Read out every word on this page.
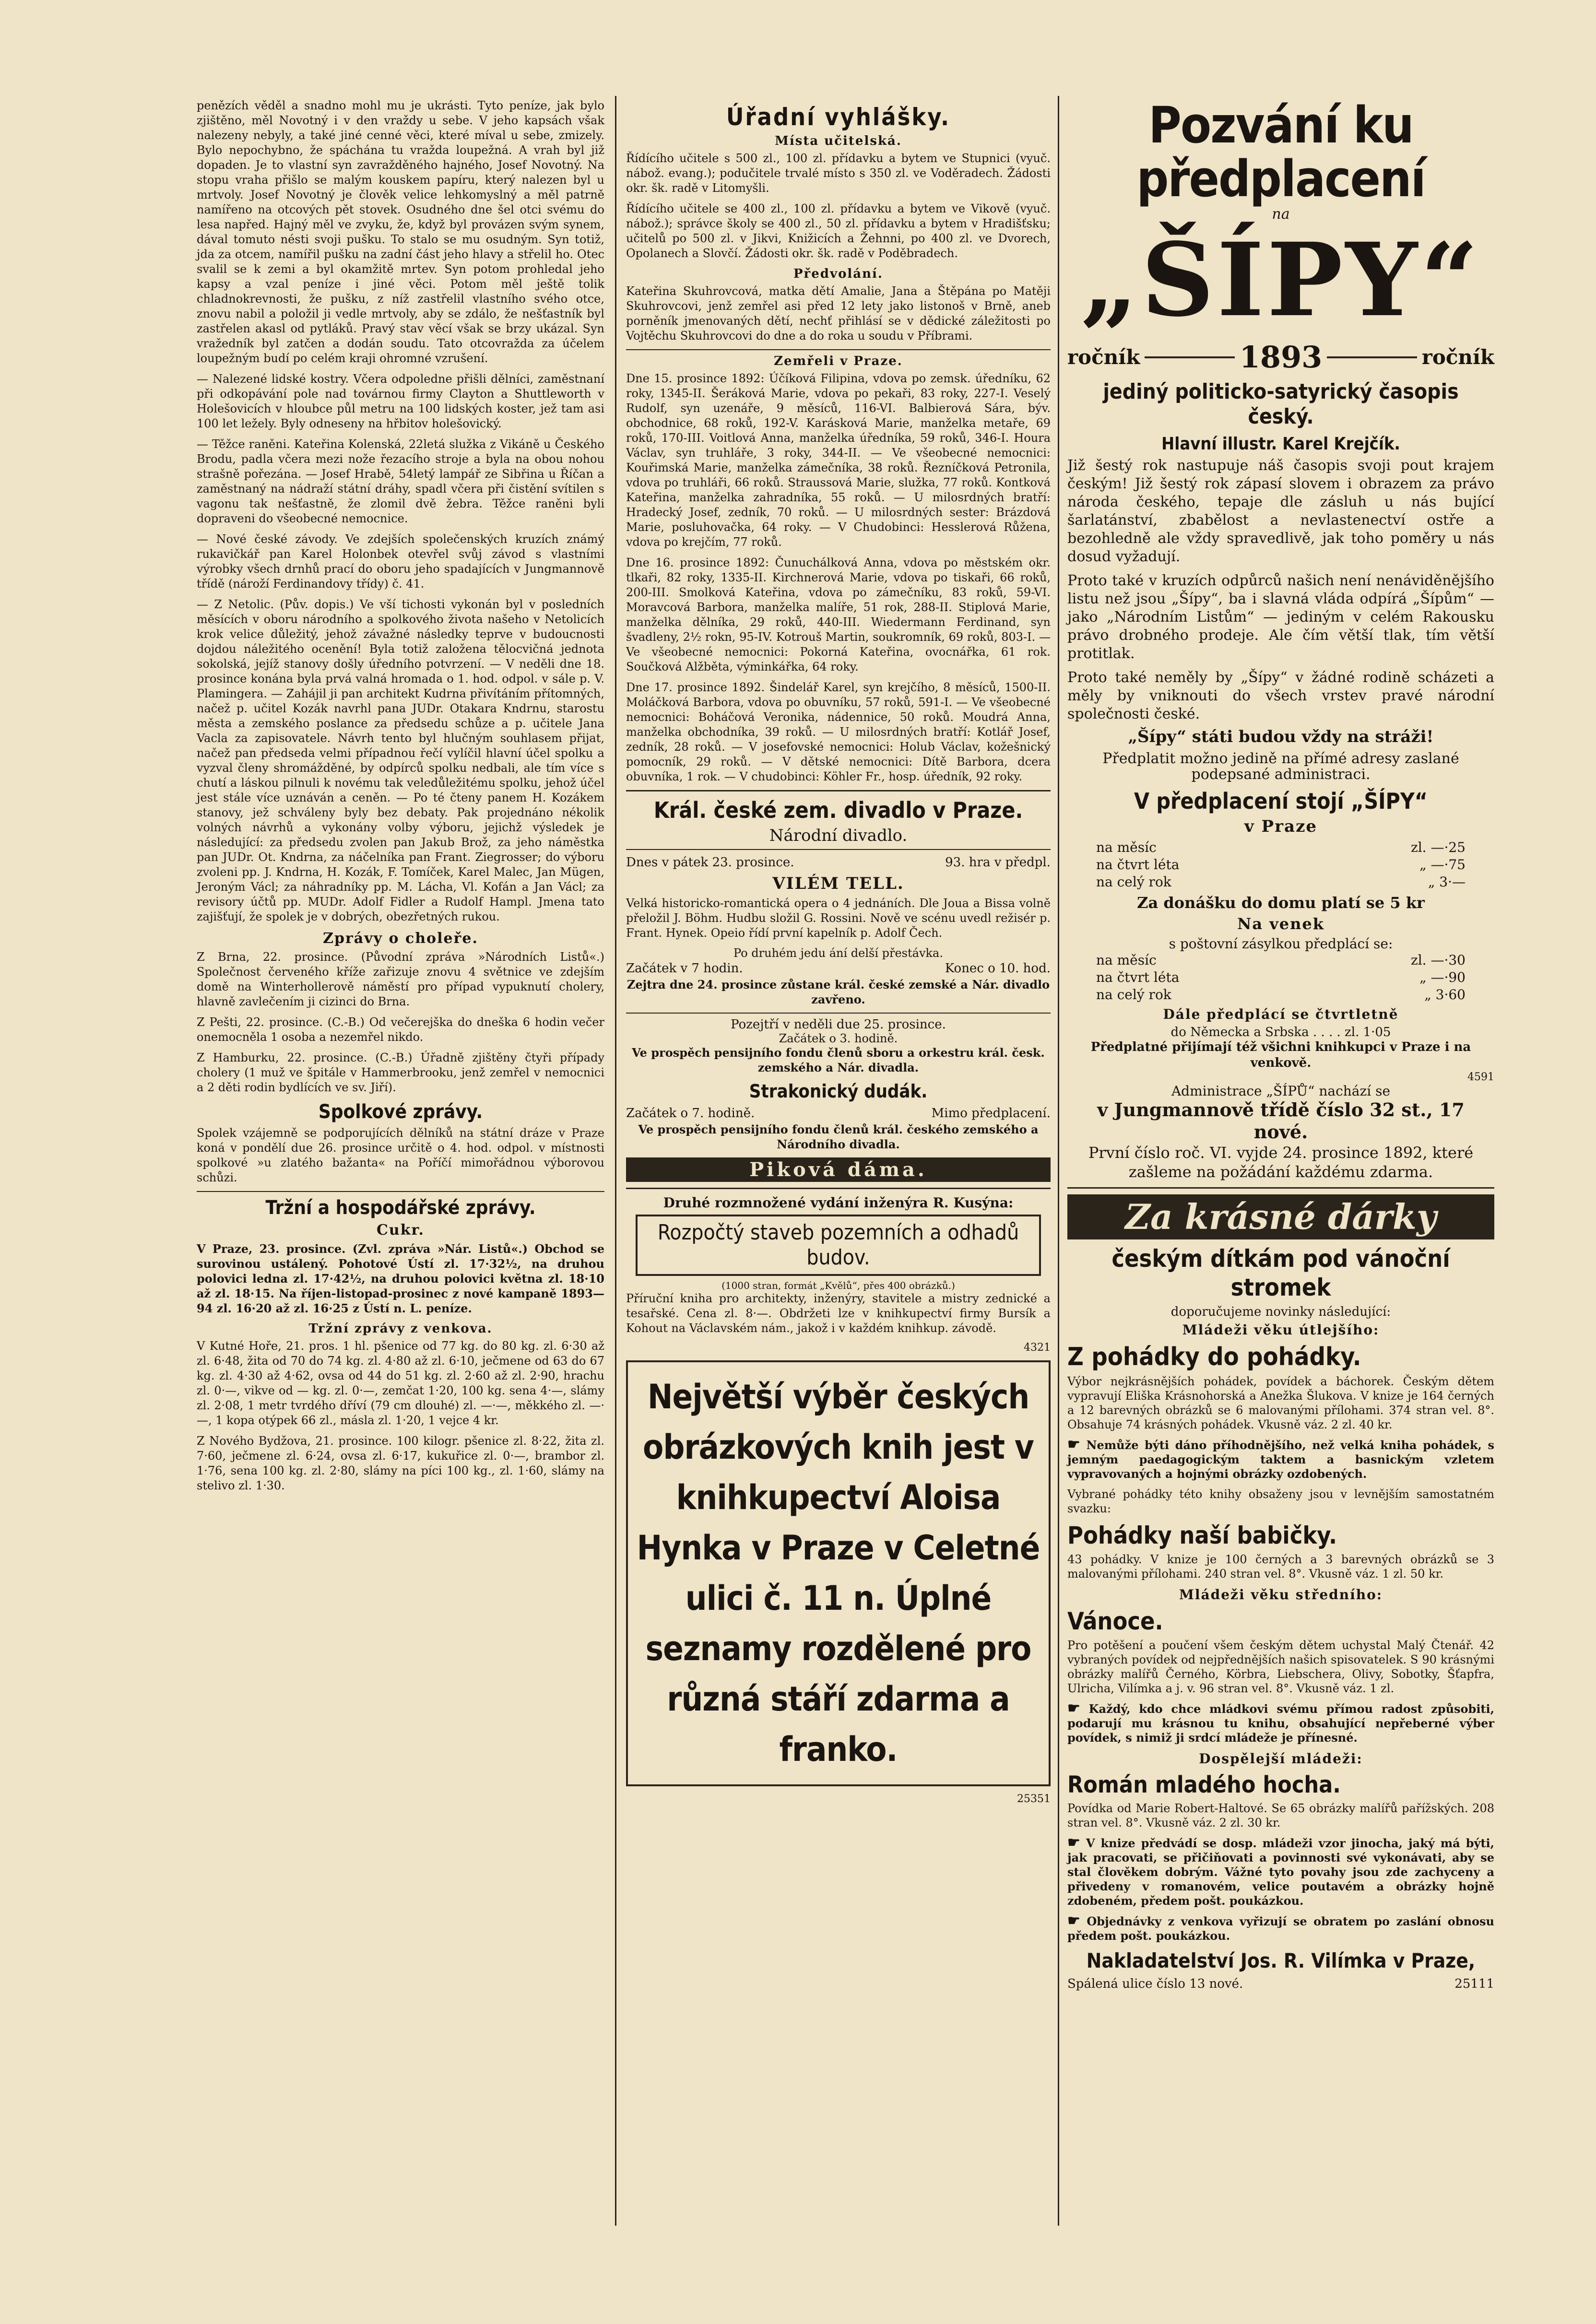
penězích věděl a snadno mohl mu je ukrásti. Tyto peníze, jak bylo zjištěno, měl Novotný i v den vraždy u sebe. V jeho kapsách však nalezeny nebyly, a také jiné cenné věci, které míval u sebe, zmizely. Bylo nepochybno, že spáchána tu vražda loupežná. A vrah byl již dopaden. Je to vlastní syn zavražděného hajného, Josef Novotný. Na stopu vraha přišlo se malým kouskem papíru, který nalezen byl u mrtvoly. Josef Novotný je člověk velice lehkomyslný a měl patrně namířeno na otcových pět stovek. Osudného dne šel otci svému do lesa napřed. Hajný měl ve zvyku, že, když byl provázen svým synem, dával tomuto nésti svoji pušku. To stalo se mu osudným. Syn totiž, jda za otcem, namířil pušku na zadní část jeho hlavy a střelil ho. Otec svalil se k zemi a byl okamžitě mrtev. Syn potom prohledal jeho kapsy a vzal peníze i jiné věci. Potom měl ještě tolik chladnokrevnosti, že pušku, z níž zastřelil vlastního svého otce, znovu nabil a položil ji vedle mrtvoly, aby se zdálo, že nešťastník byl zastřelen akasl od pytláků. Pravý stav věcí však se brzy ukázal. Syn vražedník byl zatčen a dodán soudu. Tato otcovražda za účelem loupežným budí po celém kraji ohromné vzrušení.

— Nalezené lidské kostry. Včera odpoledne přišli dělníci, zaměstnaní při odkopávání pole nad továrnou firmy Clayton a Shuttleworth v Holešovicích v hloubce půl metru na 100 lidských koster, jež tam asi 100 let ležely. Byly odneseny na hřbitov holešovický.

— Těžce raněni. Kateřina Kolenská, 22letá služka z Vikáně u Českého Brodu, padla včera mezi nože řezacího stroje a byla na obou nohou strašně pořezána. — Josef Hrabě, 54letý lampář ze Sibřina u Říčan a zaměstnaný na nádraží státní dráhy, spadl včera při čistění svítilen s vagonu tak nešťastně, že zlomil dvě žebra. Těžce raněni byli dopraveni do všeobecné nemocnice.

— Nové české závody. Ve zdejších společenských kruzích známý rukavičkář pan Karel Holonbek otevřel svůj závod s vlastními výrobky všech drnhů prací do oboru jeho spadajících v Jungmannově třídě (nároží Ferdinandovy třídy) č. 41.

— Z Netolic. (Pův. dopis.) Ve vší tichosti vykonán byl v posledních měsících v oboru národního a spolkového života našeho v Netolicích krok velice důležitý, jehož závažné následky teprve v budoucnosti dojdou náležitého ocenění! Byla totiž založena tělocvičná jednota sokolská, jejíž stanovy došly úředního potvrzení. — V neděli dne 18. prosince konána byla prvá valná hromada o 1. hod. odpol. v sále p. V. Plamingera. — Zahájil ji pan architekt Kudrna přivítáním přítomných, načež p. učitel Kozák navrhl pana JUDr. Otakara Kndrnu, starostu města a zemského poslance za předsedu schůze a p. učitele Jana Vacla za zapisovatele. Návrh tento byl hlučným souhlasem přijat, načež pan předseda velmi případnou řečí vylíčil hlavní účel spolku a vyzval členy shromážděné, by odpírců spolku nedbali, ale tím více s chutí a láskou pilnuli k novému tak veledůležitému spolku, jehož účel jest stále více uznáván a ceněn. — Po té čteny panem H. Kozákem stanovy, jež schváleny byly bez debaty. Pak projednáno nékolik volných návrhů a vykonány volby výboru, jejichž výsledek je následující: za předsedu zvolen pan Jakub Brož, za jeho náměstka pan JUDr. Ot. Kndrna, za náčelníka pan Frant. Ziegrosser; do výboru zvoleni pp. J. Kndrna, H. Kozák, F. Tomíček, Karel Malec, Jan Mügen, Jeroným Václ; za náhradníky pp. M. Lácha, Vl. Kofán a Jan Václ; za revisory účtů pp. MUDr. Adolf Fidler a Rudolf Hampl. Jmena tato zajišťují, že spolek je v dobrých, obezřetných rukou.

Zprávy o choleře.

Z Brna, 22. prosince. (Původní zpráva »Národních Listů«.) Společnost červeného kříže zařizuje znovu 4 světnice ve zdejším domě na Winterhollerově náměstí pro případ vypuknutí cholery, hlavně zavlečením ji cizinci do Brna.

Z Pešti, 22. prosince. (C.-B.) Od večerejška do dneška 6 hodin večer onemocněla 1 osoba a nezemřel nikdo.

Z Hamburku, 22. prosince. (C.-B.) Úřadně zjištěny čtyři případy cholery (1 muž ve špitále v Hammerbrooku, jenž zemřel v nemocnici a 2 děti rodin bydlících ve sv. Jiří).

Spolkové zprávy.

Spolek vzájemně se podporujících dělníků na státní dráze v Praze koná v pondělí due 26. prosince určitě o 4. hod. odpol. v místnosti spolkové »u zlatého bažanta« na Poříčí mimořádnou výborovou schůzi.

Tržní a hospodářské zprávy.
Cukr.

V Praze, 23. prosince. (Zvl. zpráva »Nár. Listů«.) Obchod se surovinou ustálený. Pohotové Ústí zl. 17·32½, na druhou polovici ledna zl. 17·42½, na druhou polovici května zl. 18·10 až zl. 18·15. Na říjen-listopad-prosinec z nové kampaně 1893—94 zl. 16·20 až zl. 16·25 z Ústí n. L. peníze.

Tržní zprávy z venkova.

V Kutné Hoře, 21. pros. 1 hl. pšenice od 77 kg. do 80 kg. zl. 6·30 až zl. 6·48, žita od 70 do 74 kg. zl. 4·80 až zl. 6·10, ječmene od 63 do 67 kg. zl. 4·30 až 4·62, ovsa od 44 do 51 kg. zl. 2·60 až zl. 2·90, hrachu zl. 0·—, vikve od — kg. zl. 0·—, zemčat 1·20, 100 kg. sena 4·—, slámy zl. 2·08, 1 metr tvrdého dříví (79 cm dlouhé) zl. —·—, měkkého zl. —·—, 1 kopa otýpek 66 zl., másla zl. 1·20, 1 vejce 4 kr.

Z Nového Bydžova, 21. prosince. 100 kilogr. pšenice zl. 8·22, žita zl. 7·60, ječmene zl. 6·24, ovsa zl. 6·17, kukuřice zl. 0·—, brambor zl. 1·76, sena 100 kg. zl. 2·80, slámy na píci 100 kg., zl. 1·60, slámy na stelivo zl. 1·30.

Úřadní vyhlášky.
Místa učitelská.

Řídícího učitele s 500 zl., 100 zl. přídavku a bytem ve Stupnici (vyuč. nábož. evang.); podučitele trvalé místo s 350 zl. ve Voděradech. Žádosti okr. šk. radě v Litomyšli.

Řídícího učitele se 400 zl., 100 zl. přídavku a bytem ve Vikově (vyuč. nábož.); správce školy se 400 zl., 50 zl. přídavku a bytem v Hradišťsku; učitelů po 500 zl. v Jikvi, Knižicích a Žehnni, po 400 zl. ve Dvorech, Opolanech a Slovčí. Žádosti okr. šk. radě v Poděbradech.

Předvolání.

Kateřina Skuhrovcová, matka dětí Amalie, Jana a Štěpána po Matěji Skuhrovcovi, jenž zemřel asi před 12 lety jako listonoš v Brně, aneb porněník jmenovaných dětí, nechť přihlásí se v dědické záležitosti po Vojtěchu Skuhrovcovi do dne a do roka u soudu v Příbrami.

Zemřeli v Praze.

Dne 15. prosince 1892: Účíková Filipina, vdova po zemsk. úředníku, 62 roky, 1345-II. Šeráková Marie, vdova po pekaři, 83 roky, 227-I. Veselý Rudolf, syn uzenáře, 9 měsíců, 116-VI. Balbierová Sára, býv. obchodnice, 68 roků, 192-V. Karásková Marie, manželka metaře, 69 roků, 170-III. Voitlová Anna, manželka úředníka, 59 roků, 346-I. Houra Václav, syn truhláře, 3 roky, 344-II. — Ve všeobecné nemocnici: Kouřimská Marie, manželka zámečníka, 38 roků. Řezníčková Petronila, vdova po truhláři, 66 roků. Straussová Marie, služka, 77 roků. Kontková Kateřina, manželka zahradníka, 55 roků. — U milosrdných bratří: Hradecký Josef, zedník, 70 roků. — U milosrdných sester: Brázdová Marie, posluhovačka, 64 roky. — V Chudobinci: Hesslerová Růžena, vdova po krejčím, 77 roků.

Dne 16. prosince 1892: Čunuchálková Anna, vdova po městském okr. tlkaři, 82 roky, 1335-II. Kirchnerová Marie, vdova po tiskaři, 66 roků, 200-III. Smolková Kateřina, vdova po zámečníku, 83 roků, 59-VI. Moravcová Barbora, manželka malíře, 51 rok, 288-II. Stiplová Marie, manželka dělníka, 29 roků, 440-III. Wiedermann Ferdinand, syn švadleny, 2½ rokn, 95-IV. Kotrouš Martin, soukromník, 69 roků, 803-I. — Ve všeobecné nemocnici: Pokorná Kateřina, ovocnářka, 61 rok. Součková Alžběta, výminkářka, 64 roky.

Dne 17. prosince 1892. Šindelář Karel, syn krejčího, 8 měsíců, 1500-II. Moláčková Barbora, vdova po obuvníku, 57 roků, 591-I. — Ve všeobecné nemocnici: Boháčová Veronika, nádennice, 50 roků. Moudrá Anna, manželka obchodníka, 39 roků. — U milosrdných bratří: Kotlář Josef, zedník, 28 roků. — V josefovské nemocnici: Holub Václav, kožešnický pomocník, 29 roků. — V dětské nemocnici: Dítě Barbora, dcera obuvníka, 1 rok. — V chudobinci: Köhler Fr., hosp. úředník, 92 roky.

Král. české zem. divadlo v Praze.
Národní divadlo.
Dnes v pátek 23. prosince.	93. hra v předpl.
VILÉM TELL.

Velká historicko-romantická opera o 4 jednáních. Dle Joua a Bissa volně přeložil J. Böhm. Hudbu složil G. Rossini. Nově ve scénu uvedl režisér p. Frant. Hynek. Opeio řídí první kapelník p. Adolf Čech.

Po druhém jedu ání delší přestávka.
Začátek v 7 hodin.	Konec o 10. hod.

Zejtra dne 24. prosince zůstane král. české zemské a Nár. divadlo zavřeno.

Pozejtří v neděli due 25. prosince.
Začátek o 3. hodině.

Ve prospěch pensijního fondu členů sboru a orkestru král. česk. zemského a Nár. divadla.

Strakonický dudák.
Začátek o 7. hodině.	Mimo předplacení.

Ve prospěch pensijního fondu členů král. českého zemského a Národního divadla.

Piková dáma.
Druhé rozmnožené vydání inženýra R. Kusýna:
Rozpočtý staveb pozemních a odhadů budov.
(1000 stran, formát „Kvělů“, přes 400 obrázků.)

Příruční kniha pro architekty, inženýry, stavitele a mistry zednické a tesařské. Cena zl. 8·—. Obdržeti lze v knihkupectví firmy Bursík a Kohout na Václavském nám., jakož i v každém knihkup. závodě.

4321

Největší výběr českých obrázkových knih jest v knihkupectví Aloisa Hynka v Praze v Celetné ulici č. 11 n. Úplné seznamy rozdělené pro různá stáří zdarma a franko.

25351

Pozvání ku předplacení

na

„ŠÍPY“

ročník	1893	ročník
jediný politicko-satyrický časopis český.
Hlavní illustr. Karel Krejčík.

Již šestý rok nastupuje náš časopis svoji pout krajem českým! Již šestý rok zápasí slovem i obrazem za právo národa českého, tepaje dle zásluh u nás bující šarlatánství, zbabělost a nevlastenectví ostře a bezohledně ale vždy spravedlivě, jak toho poměry u nás dosud vyžadují.

Proto také v kruzích odpůrců našich není nenáviděnějšího listu než jsou „Šípy“, ba i slavná vláda odpírá „Šípům“ — jako „Národním Listům“ — jediným v celém Rakousku právo drobného prodeje. Ale čím větší tlak, tím větší protitlak.

Proto také neměly by „Šípy“ v žádné rodině scházeti a měly by vniknouti do všech vrstev pravé národní společnosti české.

„Šípy“ státi budou vždy na stráži!

Předplatit možno jedině na přímé adresy zaslané podepsané administraci.

V předplacení stojí „ŠÍPY“
v Praze
na měsíc	zl. —·25
na čtvrt léta	„ —·75
na celý rok	„ 3·—
Za donášku do domu platí se 5 kr
Na venek
s poštovní zásylkou předplácí se:
na měsíc	zl. —·30
na čtvrt léta	„ —·90
na celý rok	„ 3·60
Dále předplácí se čtvrtletně
do Německa a Srbska . . . . zl. 1·05

Předplatné přijímají též všichni knihkupci v Praze i na venkově.

4591
Administrace „ŠÍPŮ“ nachází se
v Jungmannově třídě číslo 32 st., 17 nové.

První číslo roč. VI. vyjde 24. prosince 1892, které zašleme na požádání každému zdarma.

Za krásné dárky
českým dítkám pod vánoční stromek
doporučujeme novinky následující:
Mládeži věku útlejšího:
Z pohádky do pohádky.

Výbor nejkrásnějších pohádek, povídek a báchorek. Českým dětem vypravují Eliška Krásnohorská a Anežka Šlukova. V knize je 164 černých a 12 barevných obrázků se 6 malovanými přílohami. 374 stran vel. 8°. Obsahuje 74 krásných pohádek. Vkusně váz. 2 zl. 40 kr.

☛ Nemůže býti dáno příhodnějšího, než velká kniha pohádek, s jemným paedagogickým taktem a basnickým vzletem vypravovaných a hojnými obrázky ozdobených.

Vybrané pohádky této knihy obsaženy jsou v levnějším samostatném svazku:

Pohádky naší babičky.

43 pohádky. V knize je 100 černých a 3 barevných obrázků se 3 malovanými přílohami. 240 stran vel. 8°. Vkusně váz. 1 zl. 50 kr.

Mládeži věku středního:
Vánoce.

Pro potěšení a poučení všem českým dětem uchystal Malý Čtenář. 42 vybraných povídek od nejpřednějších našich spisovatelek. S 90 krásnými obrázky malířů Černého, Körbra, Liebschera, Olivy, Sobotky, Šťapfra, Ulricha, Vilímka a j. v. 96 stran vel. 8°. Vkusně váz. 1 zl.

☛ Každý, kdo chce mládkovi svému přímou radost způsobiti, podarují mu krásnou tu knihu, obsahující nepřeberné výber povídek, s nimiž ji srdcí mládeže je přínesné.

Dospělejší mládeži:
Román mladého hocha.

Povídka od Marie Robert-Haltové. Se 65 obrázky malířů pařížských. 208 stran vel. 8°. Vkusně váz. 2 zl. 30 kr.

☛ V knize předvádí se dosp. mládeži vzor jinocha, jaký má býti, jak pracovati, se přičiňovati a povinnosti své vykonávati, aby se stal člověkem dobrým. Vážné tyto povahy jsou zde zachyceny a přivedeny v romanovém, velice poutavém a obrázky hojně zdobeném, předem pošt. poukázkou.

☛ Objednávky z venkova vyřizují se obratem po zaslání obnosu předem pošt. poukázkou.

Nakladatelství Jos. R. Vilímka v Praze,
Spálená ulice číslo 13 nové.	25111
